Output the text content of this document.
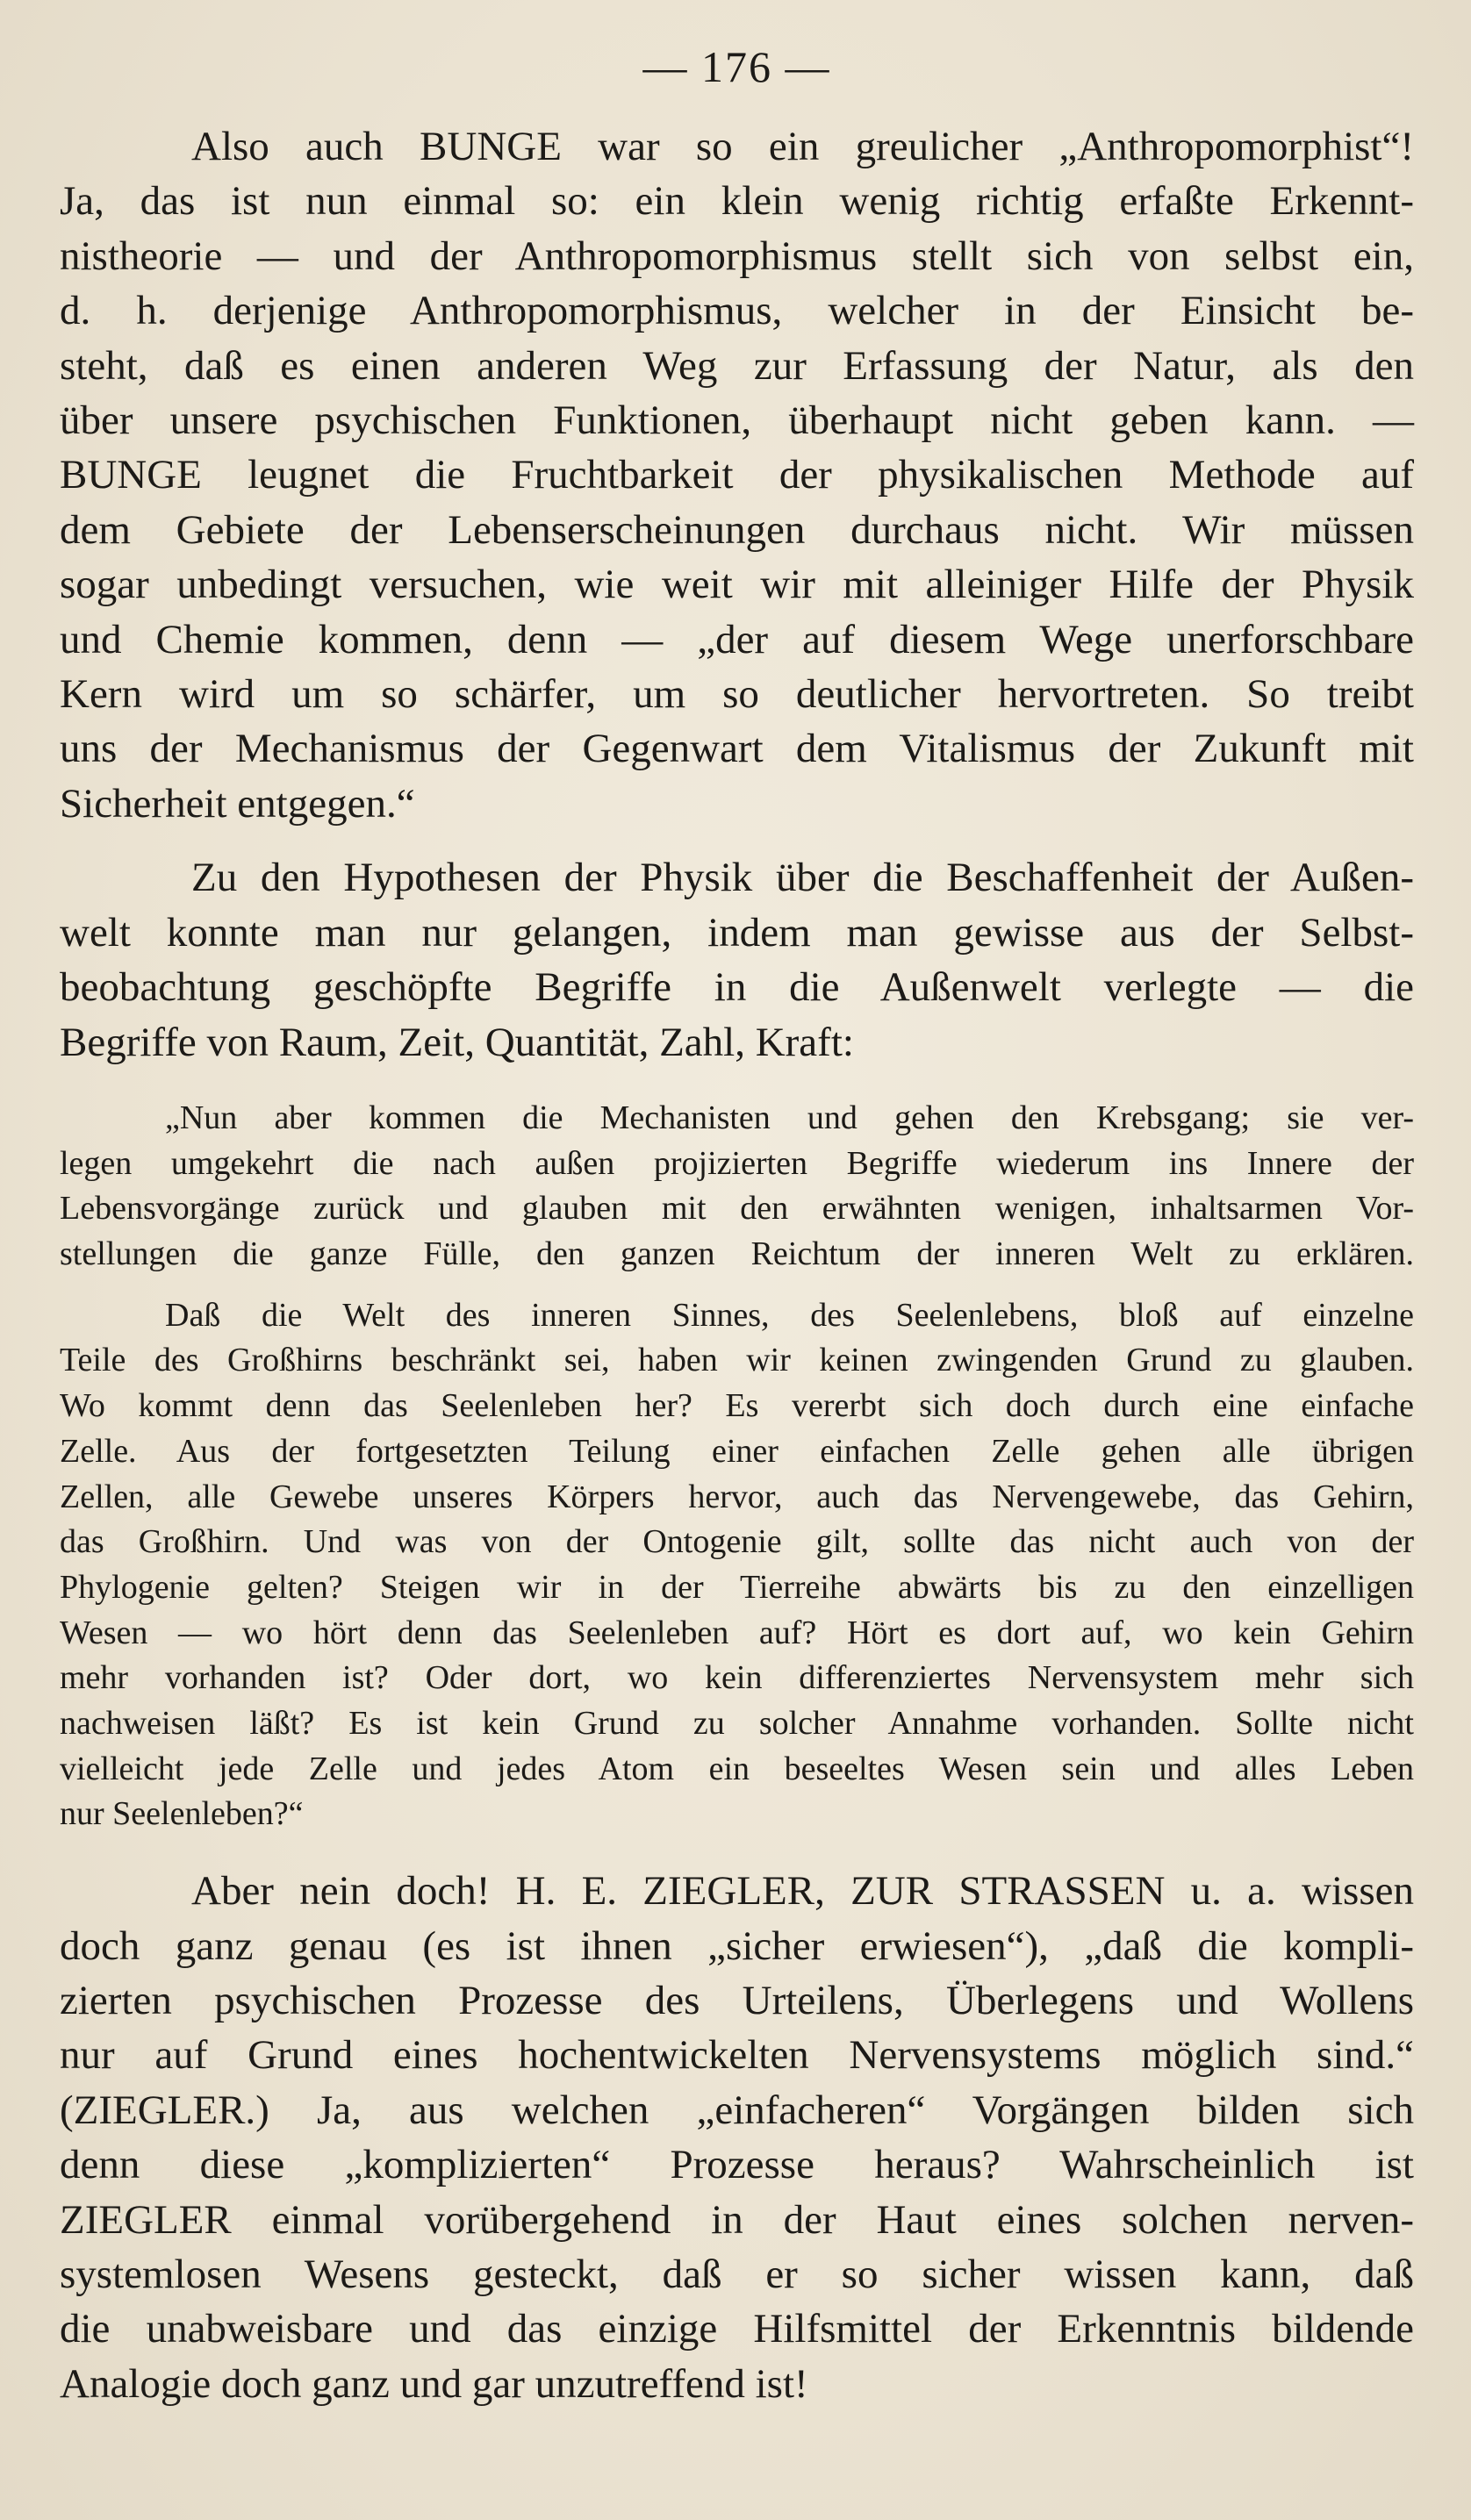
— 176 —
Also auch BUNGE war so ein greulicher „Anthropomorphist“!
Ja, das ist nun einmal so: ein klein wenig richtig erfaßte Erkennt-
nistheorie — und der Anthropomorphismus stellt sich von selbst ein,
d. h. derjenige Anthropomorphismus, welcher in der Einsicht be-
steht, daß es einen anderen Weg zur Erfassung der Natur, als den
über unsere psychischen Funktionen, überhaupt nicht geben kann. —
BUNGE leugnet die Fruchtbarkeit der physikalischen Methode auf
dem Gebiete der Lebenserscheinungen durchaus nicht. Wir müssen
sogar unbedingt versuchen, wie weit wir mit alleiniger Hilfe der Physik
und Chemie kommen, denn — „der auf diesem Wege unerforschbare
Kern wird um so schärfer, um so deutlicher hervortreten. So treibt
uns der Mechanismus der Gegenwart dem Vitalismus der Zukunft mit
Sicherheit entgegen.“
Zu den Hypothesen der Physik über die Beschaffenheit der Außen-
welt konnte man nur gelangen, indem man gewisse aus der Selbst-
beobachtung geschöpfte Begriffe in die Außenwelt verlegte — die
Begriffe von Raum, Zeit, Quantität, Zahl, Kraft:
„Nun aber kommen die Mechanisten und gehen den Krebsgang; sie ver-
legen umgekehrt die nach außen projizierten Begriffe wiederum ins Innere der
Lebensvorgänge zurück und glauben mit den erwähnten wenigen, inhaltsarmen Vor-
stellungen die ganze Fülle, den ganzen Reichtum der inneren Welt zu erklären.
Daß die Welt des inneren Sinnes, des Seelenlebens, bloß auf einzelne
Teile des Großhirns beschränkt sei, haben wir keinen zwingenden Grund zu glauben.
Wo kommt denn das Seelenleben her? Es vererbt sich doch durch eine einfache
Zelle. Aus der fortgesetzten Teilung einer einfachen Zelle gehen alle übrigen
Zellen, alle Gewebe unseres Körpers hervor, auch das Nervengewebe, das Gehirn,
das Großhirn. Und was von der Ontogenie gilt, sollte das nicht auch von der
Phylogenie gelten? Steigen wir in der Tierreihe abwärts bis zu den einzelligen
Wesen — wo hört denn das Seelenleben auf? Hört es dort auf, wo kein Gehirn
mehr vorhanden ist? Oder dort, wo kein differenziertes Nervensystem mehr sich
nachweisen läßt? Es ist kein Grund zu solcher Annahme vorhanden. Sollte nicht
vielleicht jede Zelle und jedes Atom ein beseeltes Wesen sein und alles Leben
nur Seelenleben?“
Aber nein doch! H. E. ZIEGLER, ZUR STRASSEN u. a. wissen
doch ganz genau (es ist ihnen „sicher erwiesen“), „daß die kompli-
zierten psychischen Prozesse des Urteilens, Überlegens und Wollens
nur auf Grund eines hochentwickelten Nervensystems möglich sind.“
(ZIEGLER.) Ja, aus welchen „einfacheren“ Vorgängen bilden sich
denn diese „komplizierten“ Prozesse heraus? Wahrscheinlich ist
ZIEGLER einmal vorübergehend in der Haut eines solchen nerven-
systemlosen Wesens gesteckt, daß er so sicher wissen kann, daß
die unabweisbare und das einzige Hilfsmittel der Erkenntnis bildende
Analogie doch ganz und gar unzutreffend ist!
